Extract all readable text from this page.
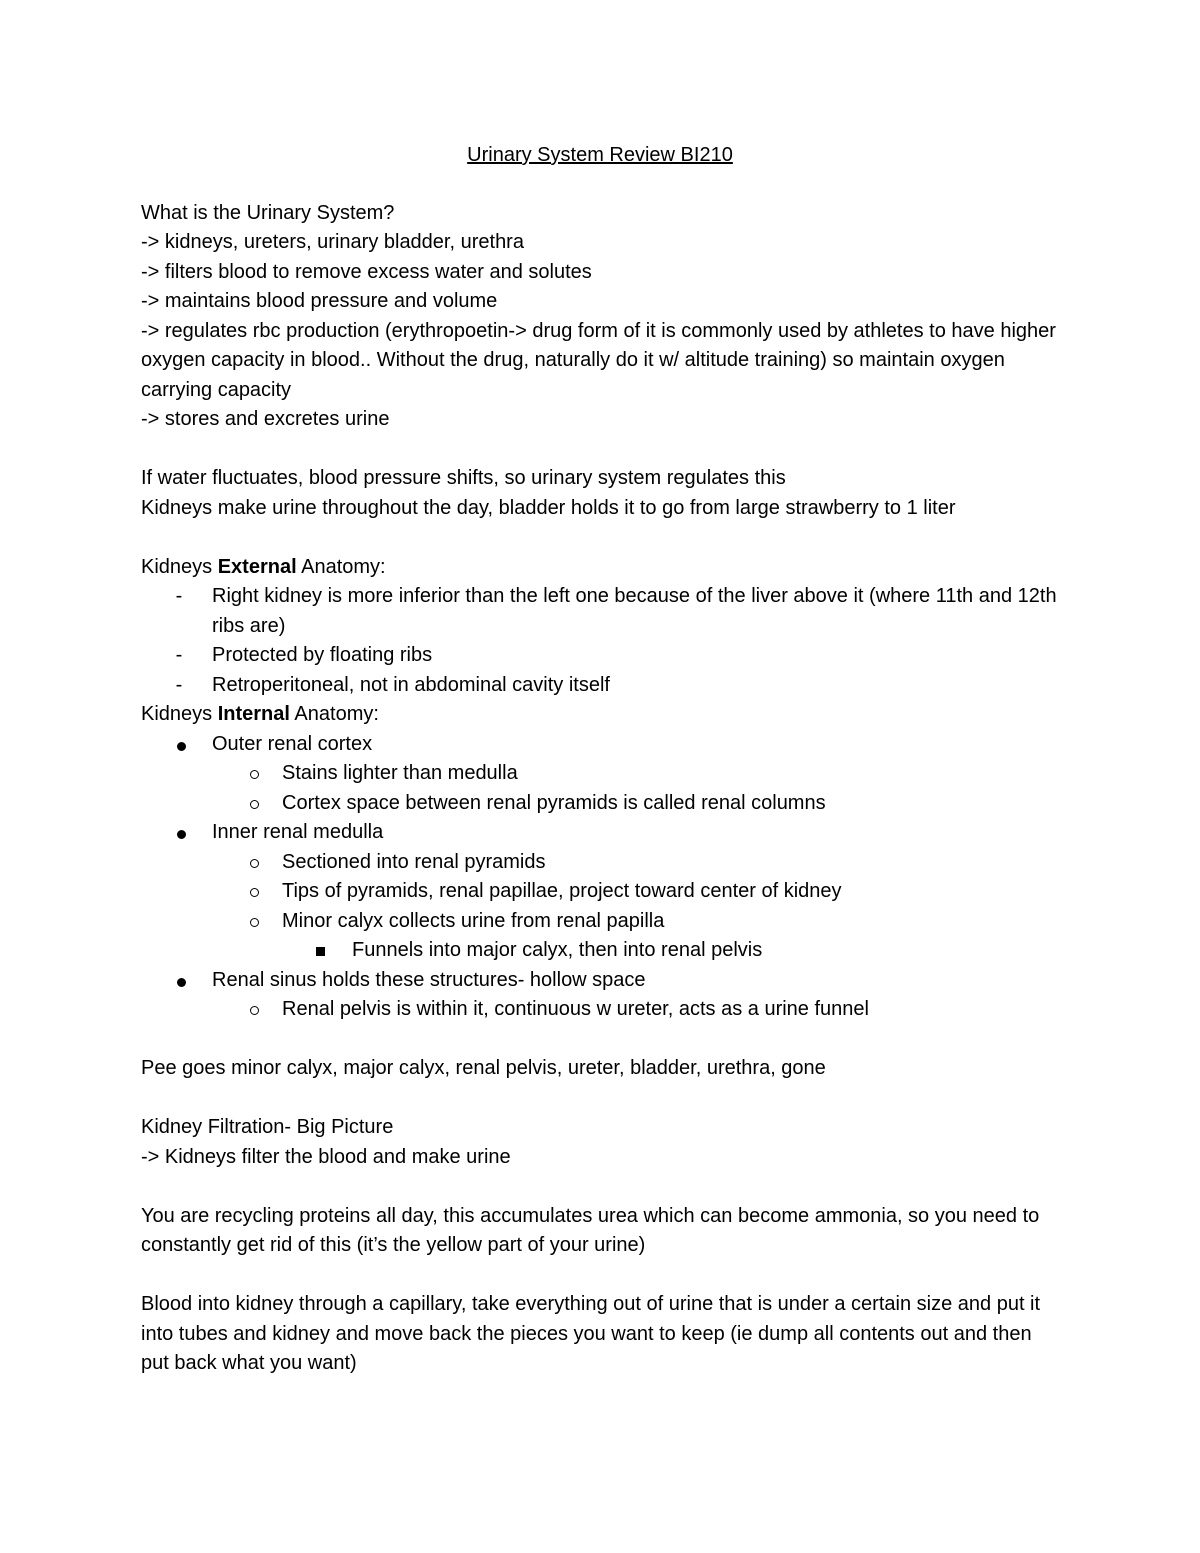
Urinary System Review BI210
What is the Urinary System?
-> kidneys, ureters, urinary bladder, urethra
-> filters blood to remove excess water and solutes
-> maintains blood pressure and volume
-> regulates rbc production (erythropoetin-> drug form of it is commonly used by athletes to have higher oxygen capacity in blood.. Without the drug, naturally do it w/ altitude training) so maintain oxygen carrying capacity
-> stores and excretes urine
If water fluctuates, blood pressure shifts, so urinary system regulates this
Kidneys make urine throughout the day, bladder holds it to go from large strawberry to 1 liter
Kidneys External Anatomy:
-	Right kidney is more inferior than the left one because of the liver above it (where 11th and 12th ribs are)
-	Protected by floating ribs
-	Retroperitoneal, not in abdominal cavity itself
Kidneys Internal Anatomy:
Outer renal cortex
Stains lighter than medulla
Cortex space between renal pyramids is called renal columns
Inner renal medulla
Sectioned into renal pyramids
Tips of pyramids, renal papillae, project toward center of kidney
Minor calyx collects urine from renal papilla
Funnels into major calyx, then into renal pelvis
Renal sinus holds these structures- hollow space
Renal pelvis is within it, continuous w ureter, acts as a urine funnel
Pee goes minor calyx, major calyx, renal pelvis, ureter, bladder, urethra, gone
Kidney Filtration- Big Picture
-> Kidneys filter the blood and make urine
You are recycling proteins all day, this accumulates urea which can become ammonia, so you need to constantly get rid of this (it’s the yellow part of your urine)
Blood into kidney through a capillary, take everything out of urine that is under a certain size and put it into tubes and kidney and move back the pieces you want to keep (ie dump all contents out and then put back what you want)
